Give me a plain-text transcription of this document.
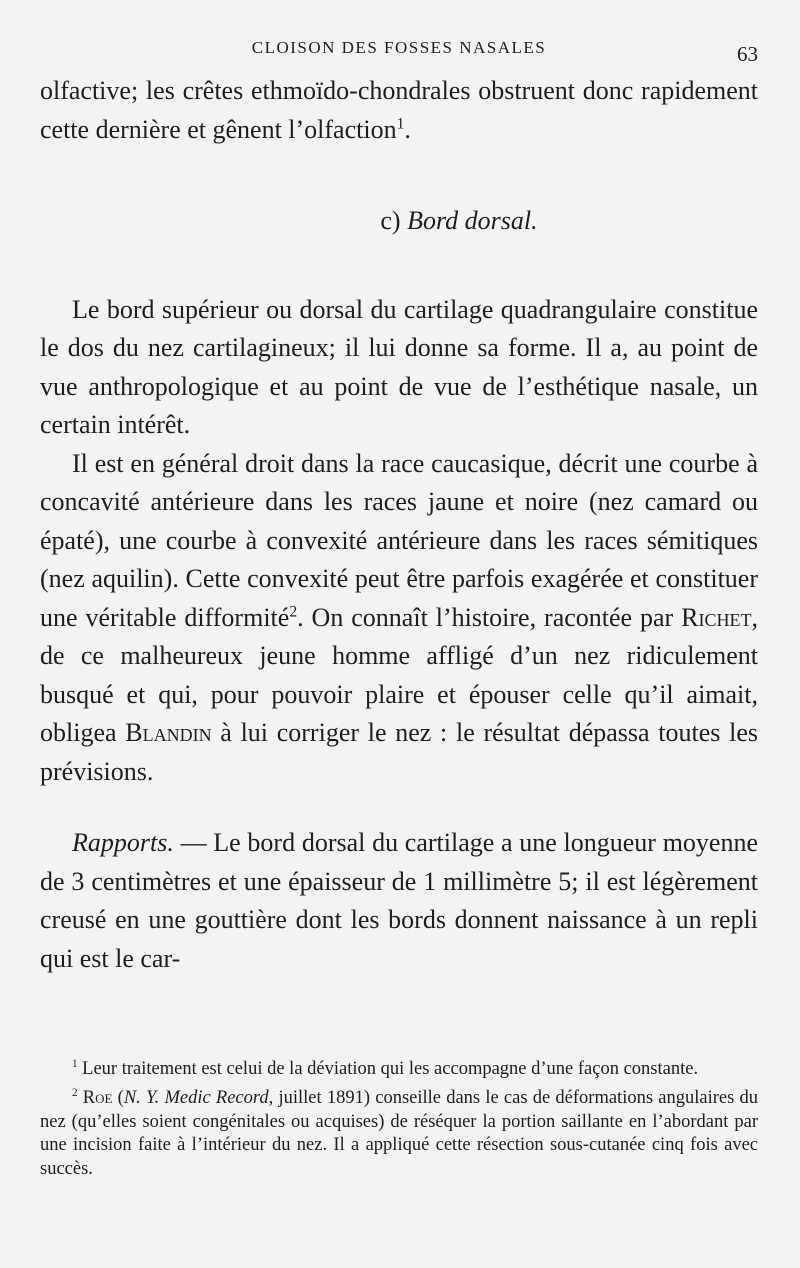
CLOISON DES FOSSES NASALES	63

olfactive; les crêtes ethmoïdo-chondrales obstruent donc rapidement cette dernière et gênent l’olfaction$^1$.

c) Bord dorsal.

Le bord supérieur ou dorsal du cartilage quadrangulaire constitue le dos du nez cartilagineux; il lui donne sa forme. Il a, au point de vue anthropologique et au point de vue de l’esthétique nasale, un certain intérêt.

Il est en général droit dans la race caucasique, décrit une courbe à concavité antérieure dans les races jaune et noire (nez camard ou épaté), une courbe à convexité antérieure dans les races sémitiques (nez aquilin). Cette convexité peut être parfois exagérée et constituer une véritable difformité$^2$. On connaît l’histoire, racontée par Richet, de ce malheureux jeune homme affligé d’un nez ridiculement busqué et qui, pour pouvoir plaire et épouser celle qu’il aimait, obligea Blandin à lui corriger le nez : le résultat dépassa toutes les prévisions.

Rapports. — Le bord dorsal du cartilage a une longueur moyenne de 3 centimètres et une épaisseur de 1 millimètre 5; il est légèrement creusé en une gouttière dont les bords donnent naissance à un repli qui est le car-

$^1$ Leur traitement est celui de la déviation qui les accompagne d’une façon constante.

$^2$ Roe (N. Y. Medic Record, juillet 1891) conseille dans le cas de déformations angulaires du nez (qu’elles soient congénitales ou acquises) de réséquer la portion saillante en l’abordant par une incision faite à l’intérieur du nez. Il a appliqué cette résection sous-cutanée cinq fois avec succès.
